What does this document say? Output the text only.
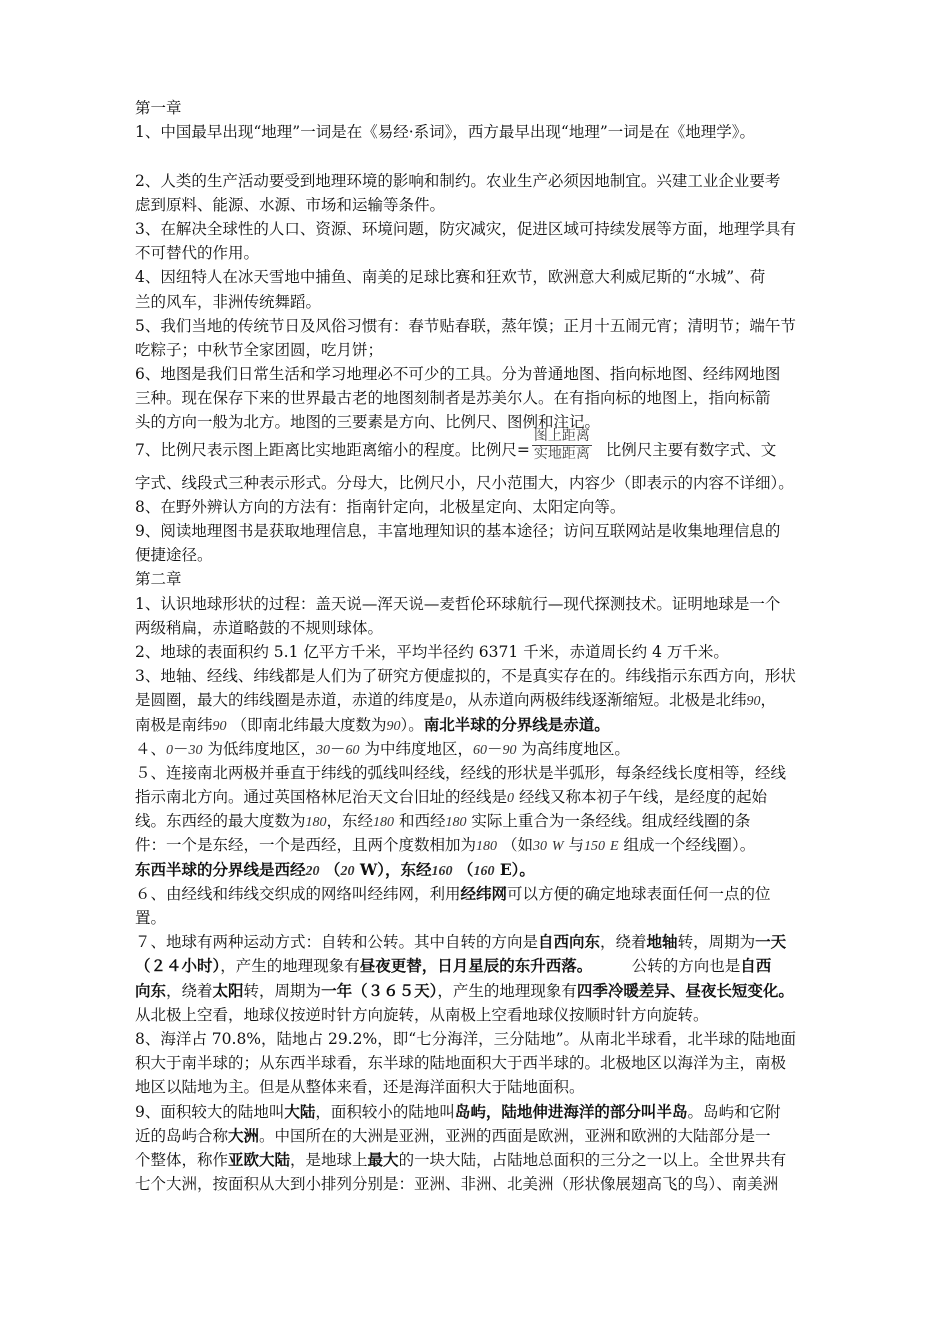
第一章
1、中国最早出现“地理”一词是在《易经·系词》，西方最早出现“地理”一词是在《地理学》。
2、人类的生产活动要受到地理环境的影响和制约。农业生产必须因地制宜。兴建工业企业要考
虑到原料、能源、水源、市场和运输等条件。
3、在解决全球性的人口、资源、环境问题，防灾减灾，促进区域可持续发展等方面，地理学具有
不可替代的作用。
4、因纽特人在冰天雪地中捕鱼、南美的足球比赛和狂欢节，欧洲意大利威尼斯的“水城”、荷
兰的风车，非洲传统舞蹈。
5、我们当地的传统节日及风俗习惯有：春节贴春联，蒸年馍；正月十五闹元宵；清明节；端午节
吃粽子；中秋节全家团圆，吃月饼；
6、地图是我们日常生活和学习地理必不可少的工具。分为普通地图、指向标地图、经纬网地图
三种。现在保存下来的世界最古老的地图刻制者是苏美尔人。在有指向标的地图上，指向标箭
头的方向一般为北方。地图的三要素是方向、比例尺、图例和注记。
7、比例尺表示图上距离比实地距离缩小的程度。比例尺= $\frac{\text{图上距离}}{\text{实地距离}}$ 比例尺主要有数字式、文
字式、线段式三种表示形式。分母大，比例尺小，尺小范围大，内容少（即表示的内容不详细）。
8、在野外辨认方向的方法有：指南针定向，北极星定向、太阳定向等。
9、阅读地理图书是获取地理信息，丰富地理知识的基本途径；访问互联网站是收集地理信息的
便捷途径。
第二章
1、认识地球形状的过程：盖天说—浑天说—麦哲伦环球航行—现代探测技术。证明地球是一个
两级稍扁，赤道略鼓的不规则球体。
2、地球的表面积约 5.1 亿平方千米，平均半径约 6371 千米，赤道周长约 4 万千米。
3、地轴、经线、纬线都是人们为了研究方便虚拟的，不是真实存在的。纬线指示东西方向，形状
是圆圈，最大的纬线圈是赤道，赤道的纬度是0，从赤道向两极纬线逐渐缩短。北极是北纬90，
南极是南纬90 （即南北纬最大度数为90）。南北半球的分界线是赤道。
４、0－30 为低纬度地区，30－60 为中纬度地区，60－90 为高纬度地区。
５、连接南北两极并垂直于纬线的弧线叫经线，经线的形状是半弧形，每条经线长度相等，经线
指示南北方向。通过英国格林尼治天文台旧址的经线是0 经线又称本初子午线，是经度的起始
线。东西经的最大度数为180，东经180 和西经180 实际上重合为一条经线。组成经线圈的条
件：一个是东经，一个是西经，且两个度数相加为180 （如30 W 与150 E 组成一个经线圈）。
东西半球的分界线是西经20 （20 W），东经160 （160 E）。
６、由经线和纬线交织成的网络叫经纬网，利用经纬网可以方便的确定地球表面任何一点的位
置。
７、地球有两种运动方式：自转和公转。其中自转的方向是自西向东，绕着地轴转，周期为一天
（２４小时），产生的地理现象有昼夜更替，日月星辰的东升西落。	公转的方向也是自西
向东，绕着太阳转，周期为一年（３６５天），产生的地理现象有四季冷暖差异、昼夜长短变化。
从北极上空看，地球仪按逆时针方向旋转，从南极上空看地球仪按顺时针方向旋转。
8、海洋占 70.8%，陆地占 29.2%，即“七分海洋，三分陆地”。从南北半球看，北半球的陆地面
积大于南半球的；从东西半球看，东半球的陆地面积大于西半球的。北极地区以海洋为主，南极
地区以陆地为主。但是从整体来看，还是海洋面积大于陆地面积。
9、面积较大的陆地叫大陆，面积较小的陆地叫岛屿，陆地伸进海洋的部分叫半岛。岛屿和它附
近的岛屿合称大洲。中国所在的大洲是亚洲，亚洲的西面是欧洲，亚洲和欧洲的大陆部分是一
个整体，称作亚欧大陆，是地球上最大的一块大陆，占陆地总面积的三分之一以上。全世界共有
七个大洲，按面积从大到小排列分别是：亚洲、非洲、北美洲（形状像展翅高飞的鸟）、南美洲
